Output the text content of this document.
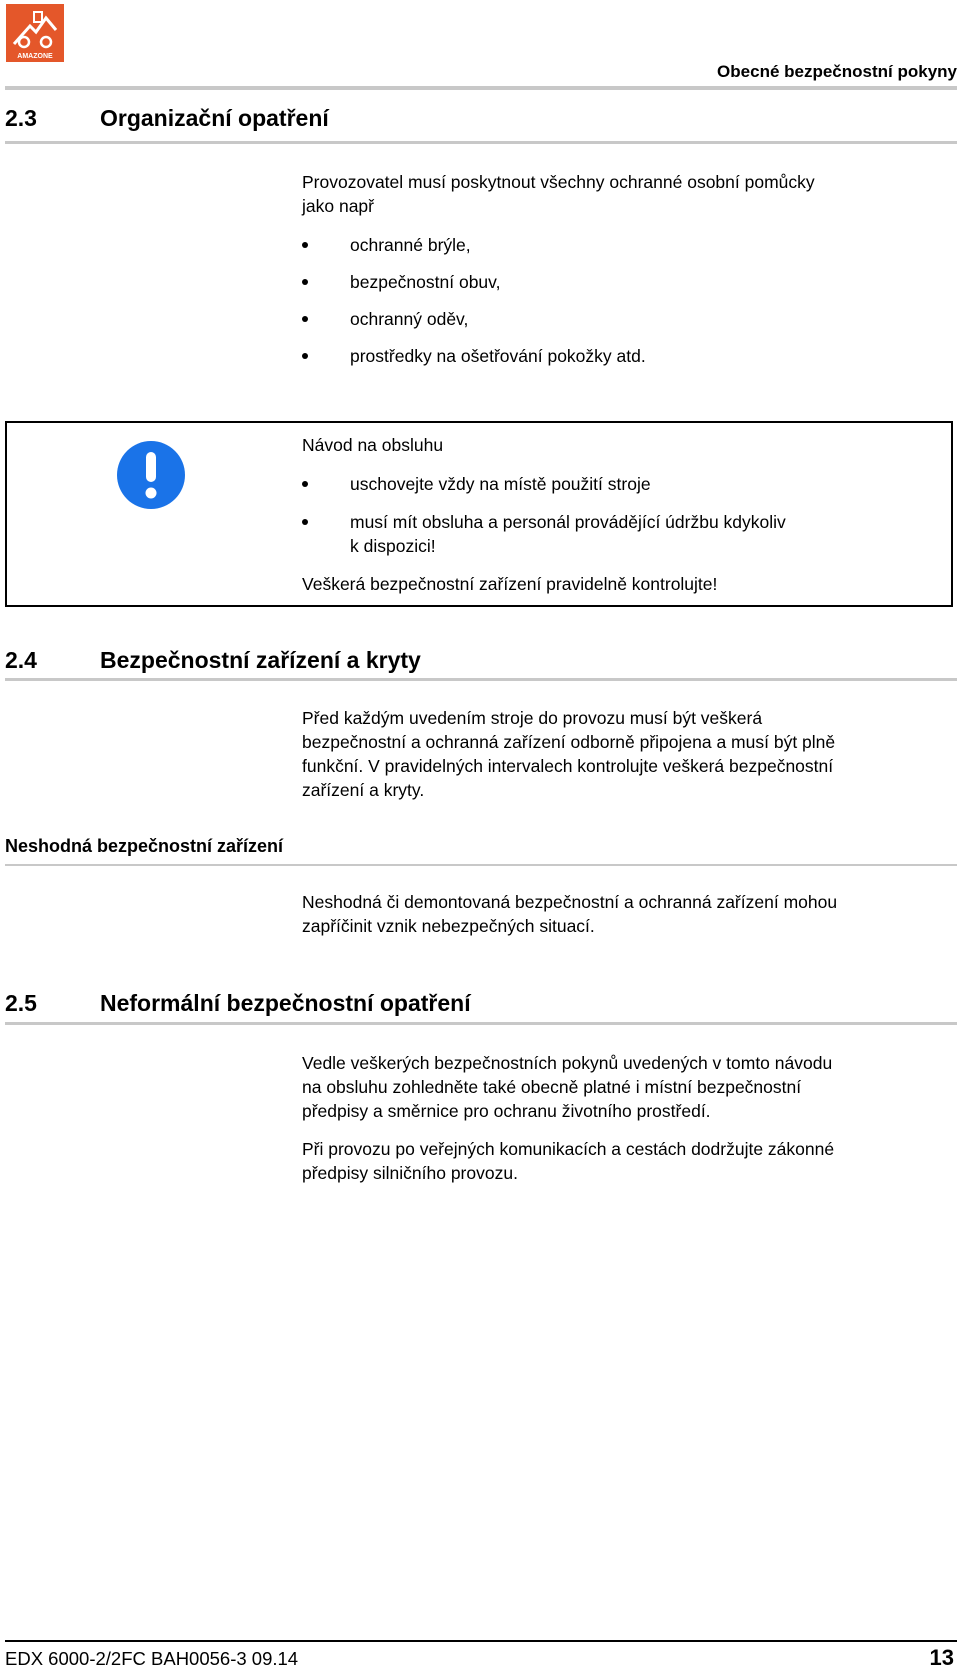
AMAZONE
Obecné bezpečnostní pokyny
2.3	Organizační opatření
Provozovatel musí poskytnout všechny ochranné osobní pomůcky
jako např
ochranné brýle,
bezpečnostní obuv,
ochranný oděv,
prostředky na ošetřování pokožky atd.
Návod na obsluhu
uschovejte vždy na místě použití stroje
musí mít obsluha a personál provádějící údržbu kdykoliv
k dispozici!
Veškerá bezpečnostní zařízení pravidelně kontrolujte!
2.4	Bezpečnostní zařízení a kryty
Před každým uvedením stroje do provozu musí být veškerá
bezpečnostní a ochranná zařízení odborně připojena a musí být plně
funkční. V pravidelných intervalech kontrolujte veškerá bezpečnostní
zařízení a kryty.
Neshodná bezpečnostní zařízení
Neshodná či demontovaná bezpečnostní a ochranná zařízení mohou
zapříčinit vznik nebezpečných situací.
2.5	Neformální bezpečnostní opatření
Vedle veškerých bezpečnostních pokynů uvedených v tomto návodu
na obsluhu zohledněte také obecně platné i místní bezpečnostní
předpisy a směrnice pro ochranu životního prostředí.
Při provozu po veřejných komunikacích a cestách dodržujte zákonné
předpisy silničního provozu.
EDX 6000-2/2FC BAH0056-3 09.14	13
